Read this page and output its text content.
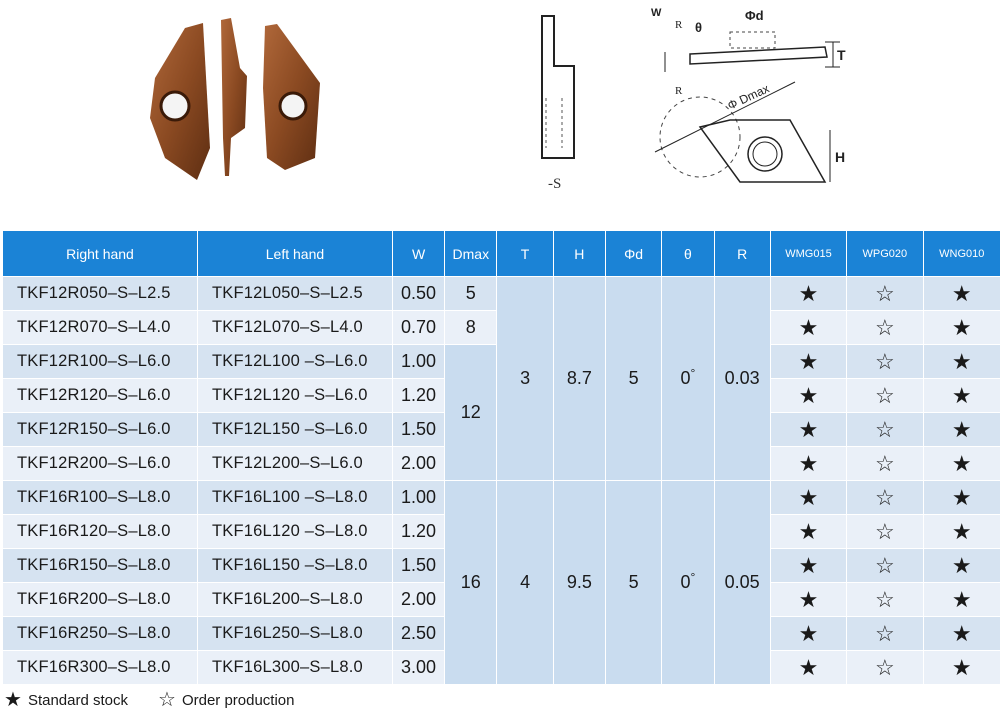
-S
W
R θ
Φd
T
R	Φ Dmax
H
Right hand	Left hand	W	Dmax	T	H	Φd	θ	R	WMG015	WPG020	WNG010
TKF12R050–S–L2.5	TKF12L050–S–L2.5	0.50	5	3	8.7	5	0°	0.03	★	☆	★
TKF12R070–S–L4.0	TKF12L070–S–L4.0	0.70	8						★	☆	★
TKF12R100–S–L6.0	TKF12L100 –S–L6.0	1.00	12						★	☆	★
TKF12R120–S–L6.0	TKF12L120 –S–L6.0	1.20							★	☆	★
TKF12R150–S–L6.0	TKF12L150 –S–L6.0	1.50							★	☆	★
TKF12R200–S–L6.0	TKF12L200–S–L6.0	2.00							★	☆	★
TKF16R100–S–L8.0	TKF16L100 –S–L8.0	1.00	16	4	9.5	5	0°	0.05	★	☆	★
TKF16R120–S–L8.0	TKF16L120 –S–L8.0	1.20							★	☆	★
TKF16R150–S–L8.0	TKF16L150 –S–L8.0	1.50							★	☆	★
TKF16R200–S–L8.0	TKF16L200–S–L8.0	2.00							★	☆	★
TKF16R250–S–L8.0	TKF16L250–S–L8.0	2.50							★	☆	★
TKF16R300–S–L8.0	TKF16L300–S–L8.0	3.00							★	☆	★
★ Standard stock ☆ Order production
